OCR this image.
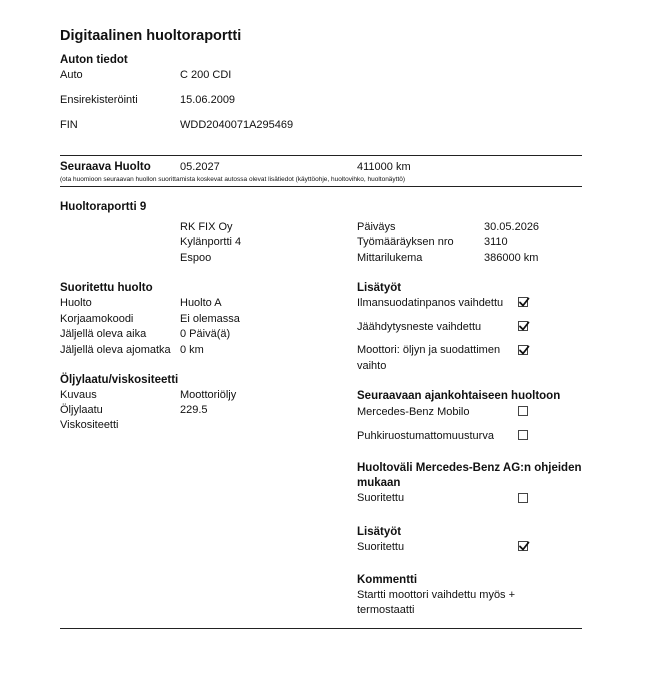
Digitaalinen huoltoraportti
Auton tiedot
Auto	C 200 CDI
Ensirekisteröinti	15.06.2009
FIN	WDD2040071A295469
Seuraava Huolto	05.2027	411000 km
(ota huomioon seuraavan huollon suorittamista koskevat autossa olevat lisätiedot (käyttöohje, huoltovihko, huoltonäyttö)
Huoltoraportti 9
RK FIX Oy
Kylänportti 4
Espoo
Päiväys	30.05.2026
Työmääräyksen nro	3110
Mittarilukema	386000 km
Suoritettu huolto
Huolto	Huolto A
Korjaamokoodi	Ei olemassa
Jäljellä oleva aika	0 Päivä(ä)
Jäljellä oleva ajomatka 0 km
Öljylaatu/viskositeetti
Kuvaus	Moottoriöljy
Öljylaatu	229.5
Viskositeetti
Lisätyöt
Ilmansuodatinpanos vaihdettu
Jäähdytysneste vaihdettu
Moottori: öljyn ja suodattimen
vaihto
Seuraavaan ajankohtaiseen huoltoon
Mercedes-Benz Mobilo
Puhkiruostumattomuusturva
Huoltoväli Mercedes-Benz AG:n ohjeiden
mukaan
Suoritettu
Lisätyöt
Suoritettu
Kommentti
Startti moottori vaihdettu myös +
termostaatti
